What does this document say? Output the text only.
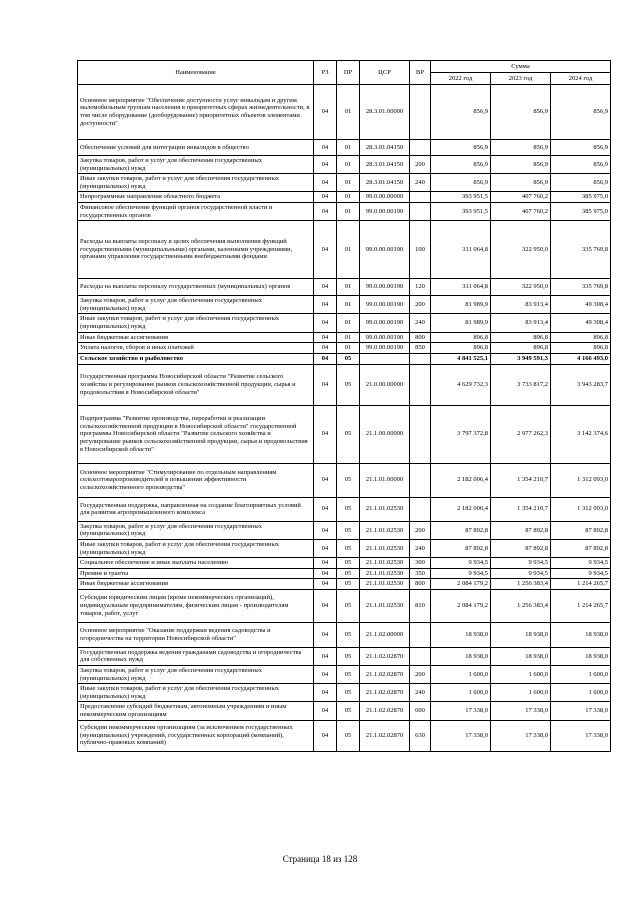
Наименование	РЗ	ПР	ЦСР	ВР	Сумма		
					2022 год	2023 год	2024 год
Основное мероприятие "Обеспечение доступности услуг инвалидам и другим маломобильным группам населения в приоритетных сферах жизнедеятельности, в том числе оборудование (дооборудование) приоритетных объектов элементами доступности"	04	01	28.3.01.00000		856,9	856,9	856,9
Обеспечение условий для интеграции инвалидов в общество	04	01	28.3.01.04150		856,9	856,9	856,9
Закупка товаров, работ и услуг для обеспечения государственных (муниципальных) нужд	04	01	28.3.01.04150	200	856,9	856,9	856,9
Иные закупки товаров, работ и услуг для обеспечения государственных (муниципальных) нужд	04	01	28.3.01.04150	240	856,9	856,9	856,9
Непрограммные направления областного бюджета	04	01	99.0.00.00000		393 951,5	407 760,2	385 975,0
Финансовое обеспечение функций органов государственной власти и государственных органов	04	01	99.0.00.00190		393 951,5	407 760,2	385 975,0
Расходы на выплаты персоналу в целях обеспечения выполнения функций государственными (муниципальными) органами, казенными учреждениями, органами управления государственными внебюджетными фондами	04	01	99.0.00.00190	100	311 064,8	322 950,0	335 769,8
Расходы на выплаты персоналу государственных (муниципальных) органов	04	01	99.0.00.00190	120	311 064,8	322 950,0	335 769,8
Закупка товаров, работ и услуг для обеспечения государственных (муниципальных) нужд	04	01	99.0.00.00190	200	81 989,9	83 913,4	49 308,4
Иные закупки товаров, работ и услуг для обеспечения государственных (муниципальных) нужд	04	01	99.0.00.00190	240	81 989,9	83 913,4	49 308,4
Иные бюджетные ассигнования	04	01	99.0.00.00190	800	896,8	896,8	896,8
Уплата налогов, сборов и иных платежей	04	01	99.0.00.00190	850	896,8	896,8	896,8
Сельское хозяйство и рыболовство	04	05			4 841 525,1	3 949 591,3	4 166 493,0
Государственная программа Новосибирской области "Развитие сельского хозяйства и регулирование рынков сельскохозяйственной продукции, сырья и продовольствия в Новосибирской области"	04	05	21.0.00.00000		4 629 732,3	3 733 817,2	3 943 283,7
Подпрограмма "Развитие производства, переработки и реализации сельскохозяйственной продукции в Новосибирской области" государственной программы Новосибирской области "Развитие сельского хозяйства и регулирование рынков сельскохозяйственной продукции, сырья и продовольствия в Новосибирской области"	04	05	21.1.00.00000		3 797 372,8	2 977 262,3	3 142 374,6
Основное мероприятие "Стимулирование по отдельным направлениям сельхозтоваропроизводителей в повышении эффективности сельскохозяйственного производства"	04	05	21.1.01.00000		2 182 006,4	1 354 210,7	1 312 093,0
Государственная поддержка, направленная на создание благоприятных условий для развития агропромышленного комплекса	04	05	21.1.01.02530		2 182 006,4	1 354 210,7	1 312 093,0
Закупка товаров, работ и услуг для обеспечения государственных (муниципальных) нужд	04	05	21.1.01.02530	200	87 892,8	87 892,8	87 892,8
Иные закупки товаров, работ и услуг для обеспечения государственных (муниципальных) нужд	04	05	21.1.01.02530	240	87 892,8	87 892,8	87 892,8
Социальное обеспечение и иные выплаты населению	04	05	21.1.01.02530	300	9 934,5	9 934,5	9 934,5
Премии и гранты	04	05	21.1.01.02530	350	9 934,5	9 934,5	9 934,5
Иные бюджетные ассигнования	04	05	21.1.01.02530	800	2 084 179,2	1 256 383,4	1 214 265,7
Субсидии юридическим лицам (кроме некоммерческих организаций), индивидуальным предпринимателям, физическим лицам - производителям товаров, работ, услуг	04	05	21.1.01.02530	810	2 084 179,2	1 256 383,4	1 214 265,7
Основное мероприятие "Оказание поддержки ведения садоводства и огородничества на территории Новосибирской области"	04	05	21.1.02.00000		18 938,0	18 938,0	18 938,0
Государственная поддержка ведения гражданами садоводства и огородничества для собственных нужд	04	05	21.1.02.02870		18 938,0	18 938,0	18 938,0
Закупка товаров, работ и услуг для обеспечения государственных (муниципальных) нужд	04	05	21.1.02.02870	200	1 600,0	1 600,0	1 600,0
Иные закупки товаров, работ и услуг для обеспечения государственных (муниципальных) нужд	04	05	21.1.02.02870	240	1 600,0	1 600,0	1 600,0
Предоставление субсидий бюджетным, автономным учреждениям и иным некоммерческим организациям	04	05	21.1.02.02870	600	17 338,0	17 338,0	17 338,0
Субсидии некоммерческим организациям (за исключением государственных (муниципальных) учреждений, государственных корпораций (компаний), публично-правовых компаний)	04	05	21.1.02.02870	630	17 338,0	17 338,0	17 338,0
Страница 18 из 128
